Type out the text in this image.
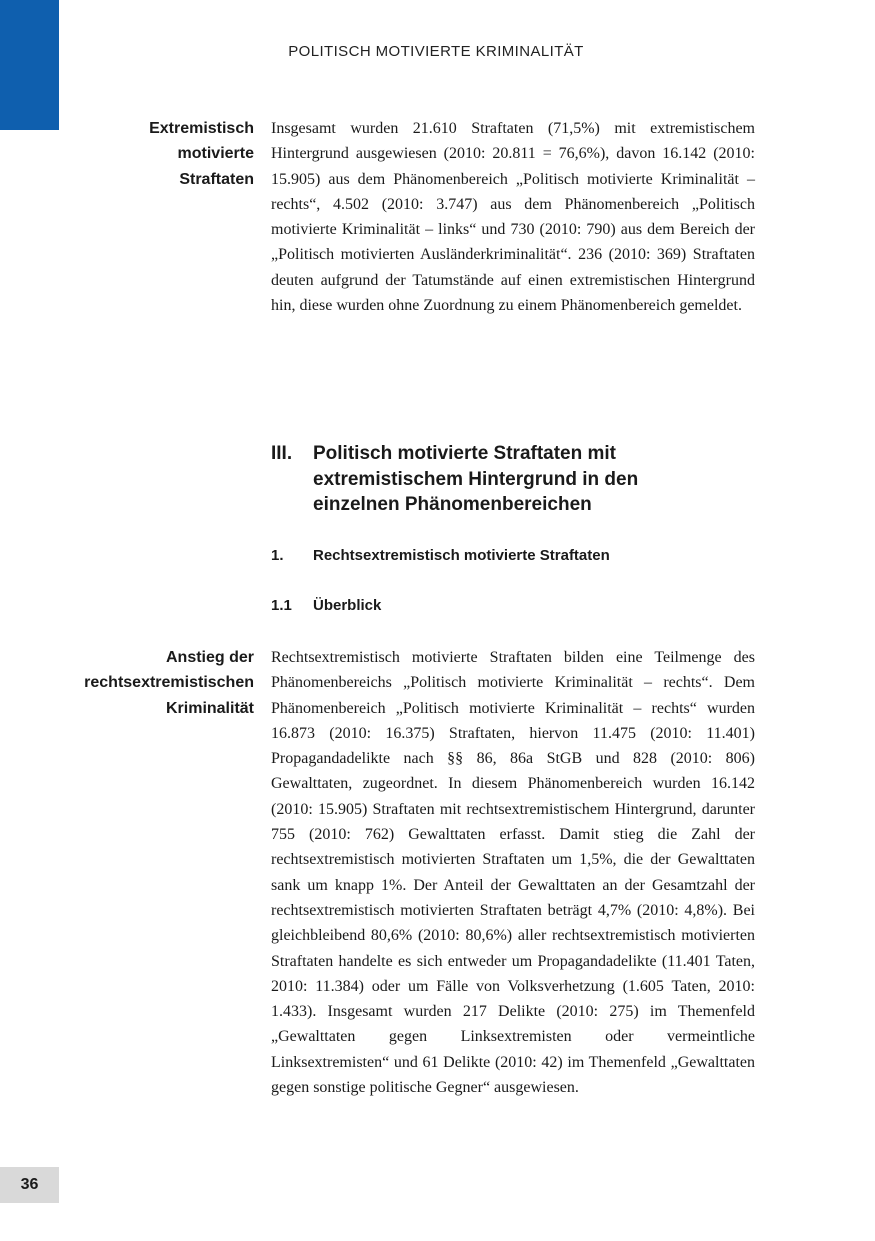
POLITISCH MOTIVIERTE KRIMINALITÄT
Extremistisch
motivierte
Straftaten

Insgesamt wurden 21.610 Straftaten (71,5%) mit extremistischem Hintergrund ausgewiesen (2010: 20.811 = 76,6%), davon 16.142 (2010: 15.905) aus dem Phänomenbereich „Politisch motivierte Kriminalität – rechts“, 4.502 (2010: 3.747) aus dem Phänomenbereich „Politisch motivierte Kriminalität – links“ und 730 (2010: 790) aus dem Bereich der „Politisch motivierten Ausländerkriminalität“. 236 (2010: 369) Straftaten deuten aufgrund der Tatumstände auf einen extremistischen Hintergrund hin, diese wurden ohne Zuordnung zu einem Phänomenbereich gemeldet.

III. Politisch motivierte Straftaten mit
extremistischem Hintergrund in den
einzelnen Phänomenbereichen
1. Rechtsextremistisch motivierte Straftaten
1.1 Überblick
Anstieg der
rechtsextremistischen
Kriminalität

Rechtsextremistisch motivierte Straftaten bilden eine Teilmenge des Phänomenbereichs „Politisch motivierte Kriminalität – rechts“. Dem Phänomenbereich „Politisch motivierte Kriminalität – rechts“ wurden 16.873 (2010: 16.375) Straftaten, hiervon 11.475 (2010: 11.401) Propagandadelikte nach §§ 86, 86a StGB und 828 (2010: 806) Gewalttaten, zugeordnet. In diesem Phänomenbereich wurden 16.142 (2010: 15.905) Straftaten mit rechtsextremistischem Hintergrund, darunter 755 (2010: 762) Gewalttaten erfasst. Damit stieg die Zahl der rechtsextremistisch motivierten Straftaten um 1,5%, die der Gewalttaten sank um knapp 1%. Der Anteil der Gewalttaten an der Gesamtzahl der rechtsextremistisch motivierten Straftaten beträgt 4,7% (2010: 4,8%). Bei gleichbleibend 80,6% (2010: 80,6%) aller rechtsextremistisch motivierten Straftaten handelte es sich entweder um Propagandadelikte (11.401 Taten, 2010: 11.384) oder um Fälle von Volksverhetzung (1.605 Taten, 2010: 1.433). Insgesamt wurden 217 Delikte (2010: 275) im Themenfeld „Gewalttaten gegen Linksextremisten oder vermeintliche Linksextremisten“ und 61 Delikte (2010: 42) im Themenfeld „Gewalttaten gegen sonstige politische Gegner“ ausgewiesen.

36
